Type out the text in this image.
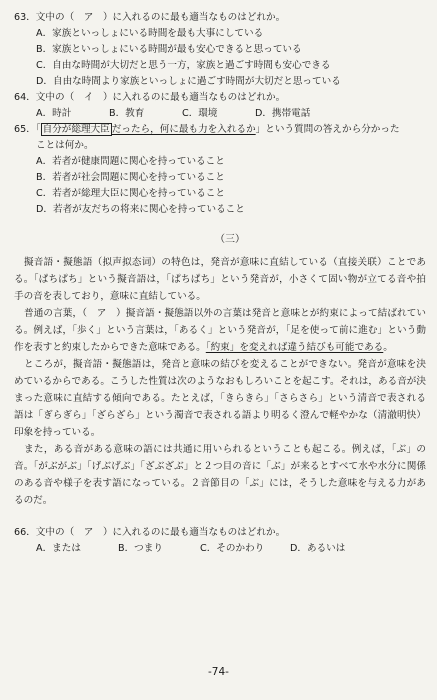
63．文中の（　ア　）に入れるのに最も適当なものはどれか。
A．家族といっしょにいる時間を最も大事にしている
B．家族といっしょにいる時間が最も安心できると思っている
C．自由な時間が大切だと思う一方，家族と過ごす時間も安心できる
D．自由な時間より家族といっしょに過ごす時間が大切だと思っている
64．文中の（　イ　）に入れるのに最も適当なものはどれか。
A．時計	B．教育	C．環境	D．携帯電話
65．「 自分が総理大臣 だったら，何に最も力を入れるか」という質問の答えから分かった
ことは何か。
A．若者が健康問題に関心を持っていること
B．若者が社会問題に関心を持っていること
C．若者が総理大臣に関心を持っていること
D．若者が友だちの将来に関心を持っていること
（三）

擬音語・擬態語（拟声拟态词）の特色は，発音が意味に直結している（直接关联）ことである。「ぱちぱち」という擬音語は，「ぱちぱち」という発音が，小さくて固い物が立てる音や拍手の音を表しており，意味に直結している。

普通の言葉，（　ア　）擬音語・擬態語以外の言葉は発音と意味とが約束によって結ばれている。例えば，「歩く」という言葉は，「あるく」という発音が，「足を使って前に進む」という動作を表すと約束したからできた意味である。「約束」を変えれば違う結びも可能である。

ところが，擬音語・擬態語は，発音と意味の結びを変えることができない。発音が意味を決めているからである。こうした性質は次のようなおもしろいことを起こす。それは，ある音が決まった意味に直結する傾向である。たとえば，「きらきら」「さらさら」という清音で表される語は「ぎらぎら」「ざらざら」という濁音で表される語より明るく澄んで軽やかな（清澈明快）印象を持っている。

また，ある音がある意味の語には共通に用いられるということも起こる。例えば，「ぶ」の音。「がぶがぶ」「げぶげぶ」「ざぶざぶ」と２つ目の音に「ぶ」が来るとすべて水や水分に関係のある音や様子を表す語になっている。２音節目の「ぶ」には，そうした意味を与える力があるのだ。

66．文中の（　ア　）に入れるのに最も適当なものはどれか。
A．または	B．つまり	C．そのかわり	D．あるいは
-74-
